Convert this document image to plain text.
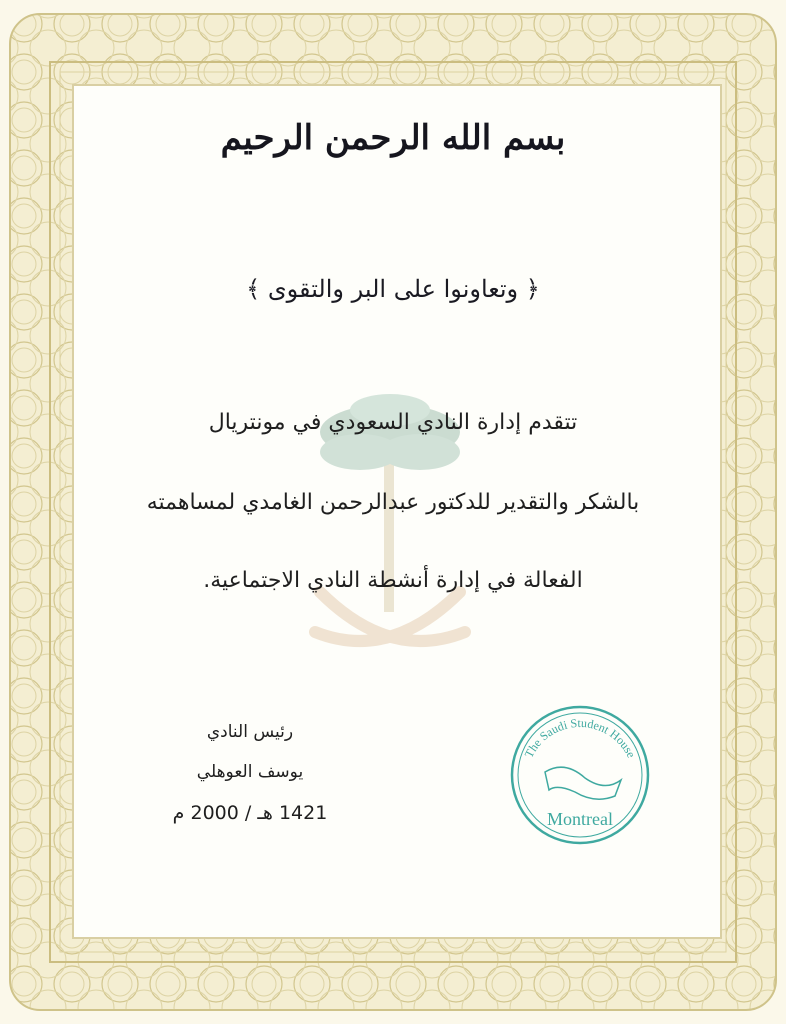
بسم الله الرحمن الرحيم
﴿ وتعاونوا على البر والتقوى ﴾
تتقدم إدارة النادي السعودي في مونتريال
بالشكر والتقدير للدكتور عبدالرحمن الغامدي لمساهمته
الفعالة في إدارة أنشطة النادي الاجتماعية.
رئيس النادي
يوسف العوهلي
1421 هـ / 2000 م
The Saudi Student House
Montreal
